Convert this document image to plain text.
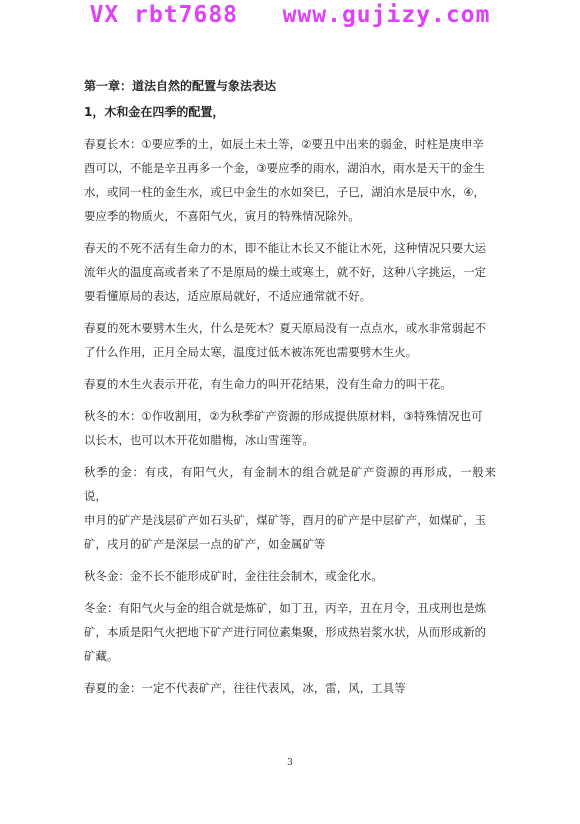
VX rbt7688   www.gujizy.com

第一章：道法自然的配置与象法表达

1，木和金在四季的配置，

春夏长木：①要应季的土，如辰土未土等，②要丑中出来的弱金，时柱是庚申辛
酉可以，不能是辛丑再多一个金，③要应季的雨水，湖泊水，雨水是天干的金生
水，或同一柱的金生水，或巳中金生的水如癸巳，子巳，湖泊水是辰中水，④，
要应季的物质火，不喜阳气火，寅月的特殊情况除外。

春天的不死不活有生命力的木，即不能让木长又不能让木死，这种情况只要大运
流年火的温度高或者来了不是原局的燥土或寒土，就不好，这种八字挑运，一定
要看懂原局的表达，适应原局就好，不适应通常就不好。

春夏的死木要劈木生火，什么是死木？夏天原局没有一点点水，或水非常弱起不
了什么作用，正月全局太寒，温度过低木被冻死也需要劈木生火。

春夏的木生火表示开花，有生命力的叫开花结果，没有生命力的叫干花。

秋冬的木：①作收割用，②为秋季矿产资源的形成提供原材料，③特殊情况也可
以长木，也可以木开花如腊梅，冰山雪莲等。

秋季的金：有戌，有阳气火，有金制木的组合就是矿产资源的再形成，一般来说，
申月的矿产是浅层矿产如石头矿，煤矿等，酉月的矿产是中层矿产，如煤矿，玉
矿，戌月的矿产是深层一点的矿产，如金属矿等

秋冬金：金不长不能形成矿时，金往往会制木，或金化水。

冬金：有阳气火与金的组合就是炼矿，如丁丑，丙辛，丑在月令，丑戌刑也是炼
矿，本质是阳气火把地下矿产进行同位素集聚，形成热岩浆水状，从而形成新的
矿藏。

春夏的金：一定不代表矿产，往往代表风，冰，雷，风，工具等

3
